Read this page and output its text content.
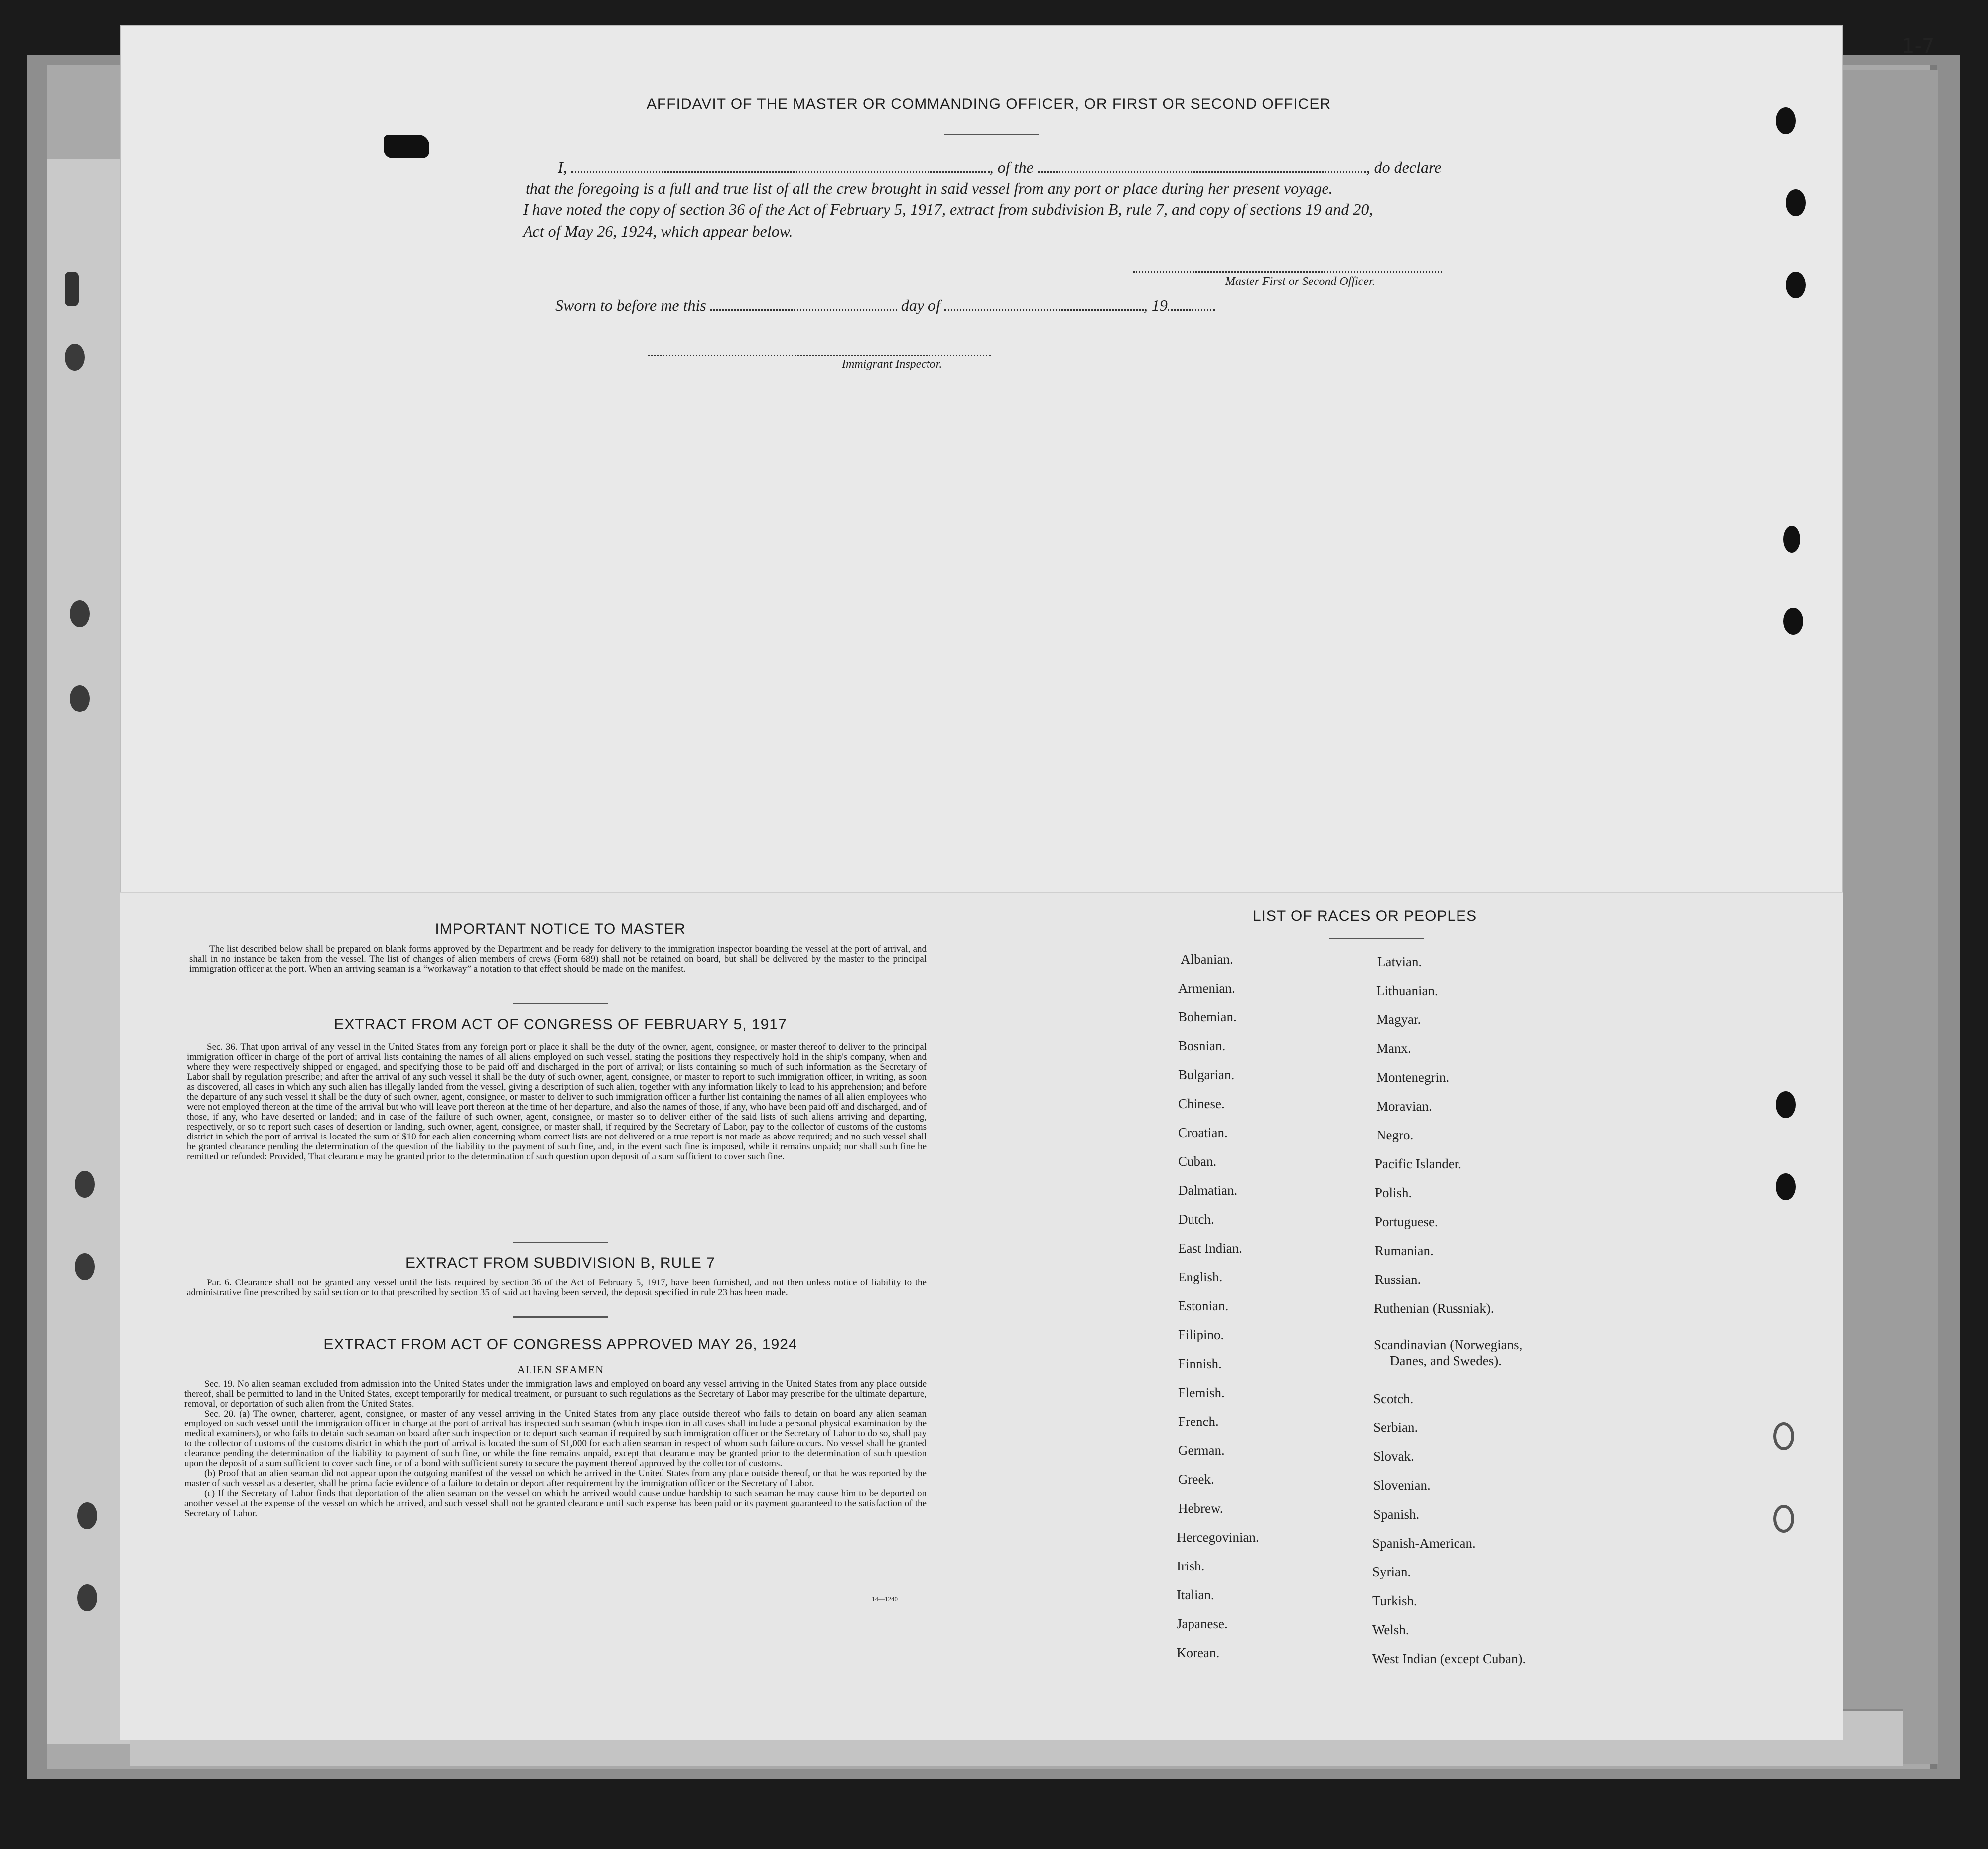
1-7
AFFIDAVIT OF THE MASTER OR COMMANDING OFFICER, OR FIRST OR SECOND OFFICER
I,	, of the	, do declare
that the foregoing is a full and true list of all the crew brought in said vessel from any port or place during her present voyage.
I have noted the copy of section 36 of the Act of February 5, 1917, extract from subdivision B, rule 7, and copy of sections 19 and 20,
Act of May 26, 1924, which appear below.
Master First or Second Officer.
Sworn to before me this	day of	, 19
Immigrant Inspector.
IMPORTANT NOTICE TO MASTER

The list described below shall be prepared on blank forms approved by the Department and be ready for delivery to the immigration inspector boarding the vessel at the port of arrival, and shall in no instance be taken from the vessel. The list of changes of alien members of crews (Form 689) shall not be retained on board, but shall be delivered by the master to the principal immigration officer at the port. When an arriving seaman is a “workaway” a notation to that effect should be made on the manifest.

EXTRACT FROM ACT OF CONGRESS OF FEBRUARY 5, 1917

Sec. 36. That upon arrival of any vessel in the United States from any foreign port or place it shall be the duty of the owner, agent, consignee, or master thereof to deliver to the principal immigration officer in charge of the port of arrival lists containing the names of all aliens employed on such vessel, stating the positions they respectively hold in the ship's company, when and where they were respectively shipped or engaged, and specifying those to be paid off and discharged in the port of arrival; or lists containing so much of such information as the Secretary of Labor shall by regulation prescribe; and after the arrival of any such vessel it shall be the duty of such owner, agent, consignee, or master to report to such immigration officer, in writing, as soon as discovered, all cases in which any such alien has illegally landed from the vessel, giving a description of such alien, together with any information likely to lead to his apprehension; and before the departure of any such vessel it shall be the duty of such owner, agent, consignee, or master to deliver to such immigration officer a further list containing the names of all alien employees who were not employed thereon at the time of the arrival but who will leave port thereon at the time of her departure, and also the names of those, if any, who have been paid off and discharged, and of those, if any, who have deserted or landed; and in case of the failure of such owner, agent, consignee, or master so to deliver either of the said lists of such aliens arriving and departing, respectively, or so to report such cases of desertion or landing, such owner, agent, consignee, or master shall, if required by the Secretary of Labor, pay to the collector of customs of the customs district in which the port of arrival is located the sum of $10 for each alien concerning whom correct lists are not delivered or a true report is not made as above required; and no such vessel shall be granted clearance pending the determination of the question of the liability to the payment of such fine, and, in the event such fine is imposed, while it remains unpaid; nor shall such fine be remitted or refunded: Provided, That clearance may be granted prior to the determination of such question upon deposit of a sum sufficient to cover such fine.

EXTRACT FROM SUBDIVISION B, RULE 7

Par. 6. Clearance shall not be granted any vessel until the lists required by section 36 of the Act of February 5, 1917, have been furnished, and not then unless notice of liability to the administrative fine prescribed by said section or to that prescribed by section 35 of said act having been served, the deposit specified in rule 23 has been made.

EXTRACT FROM ACT OF CONGRESS APPROVED MAY 26, 1924
ALIEN SEAMEN

Sec. 19. No alien seaman excluded from admission into the United States under the immigration laws and employed on board any vessel arriving in the United States from any place outside thereof, shall be permitted to land in the United States, except temporarily for medical treatment, or pursuant to such regulations as the Secretary of Labor may prescribe for the ultimate departure, removal, or deportation of such alien from the United States.

Sec. 20. (a) The owner, charterer, agent, consignee, or master of any vessel arriving in the United States from any place outside thereof who fails to detain on board any alien seaman employed on such vessel until the immigration officer in charge at the port of arrival has inspected such seaman (which inspection in all cases shall include a personal physical examination by the medical examiners), or who fails to detain such seaman on board after such inspection or to deport such seaman if required by such immigration officer or the Secretary of Labor to do so, shall pay to the collector of customs of the customs district in which the port of arrival is located the sum of $1,000 for each alien seaman in respect of whom such failure occurs. No vessel shall be granted clearance pending the determination of the liability to payment of such fine, or while the fine remains unpaid, except that clearance may be granted prior to the determination of such question upon the deposit of a sum sufficient to cover such fine, or of a bond with sufficient surety to secure the payment thereof approved by the collector of customs.

(b) Proof that an alien seaman did not appear upon the outgoing manifest of the vessel on which he arrived in the United States from any place outside thereof, or that he was reported by the master of such vessel as a deserter, shall be prima facie evidence of a failure to detain or deport after requirement by the immigration officer or the Secretary of Labor.

(c) If the Secretary of Labor finds that deportation of the alien seaman on the vessel on which he arrived would cause undue hardship to such seaman he may cause him to be deported on another vessel at the expense of the vessel on which he arrived, and such vessel shall not be granted clearance until such expense has been paid or its payment guaranteed to the satisfaction of the Secretary of Labor.

14—1240
LIST OF RACES OR PEOPLES
Albanian.
Armenian.
Bohemian.
Bosnian.
Bulgarian.
Chinese.
Croatian.
Cuban.
Dalmatian.
Dutch.
East Indian.
English.
Estonian.
Filipino.
Finnish.
Flemish.
French.
German.
Greek.
Hebrew.
Hercegovinian.
Irish.
Italian.
Japanese.
Korean.
Latvian.
Lithuanian.
Magyar.
Manx.
Montenegrin.
Moravian.
Negro.
Pacific Islander.
Polish.
Portuguese.
Rumanian.
Russian.
Ruthenian (Russniak).
Scandinavian (Norwegians,
Danes, and Swedes).
Scotch.
Serbian.
Slovak.
Slovenian.
Spanish.
Spanish-American.
Syrian.
Turkish.
Welsh.
West Indian (except Cuban).
